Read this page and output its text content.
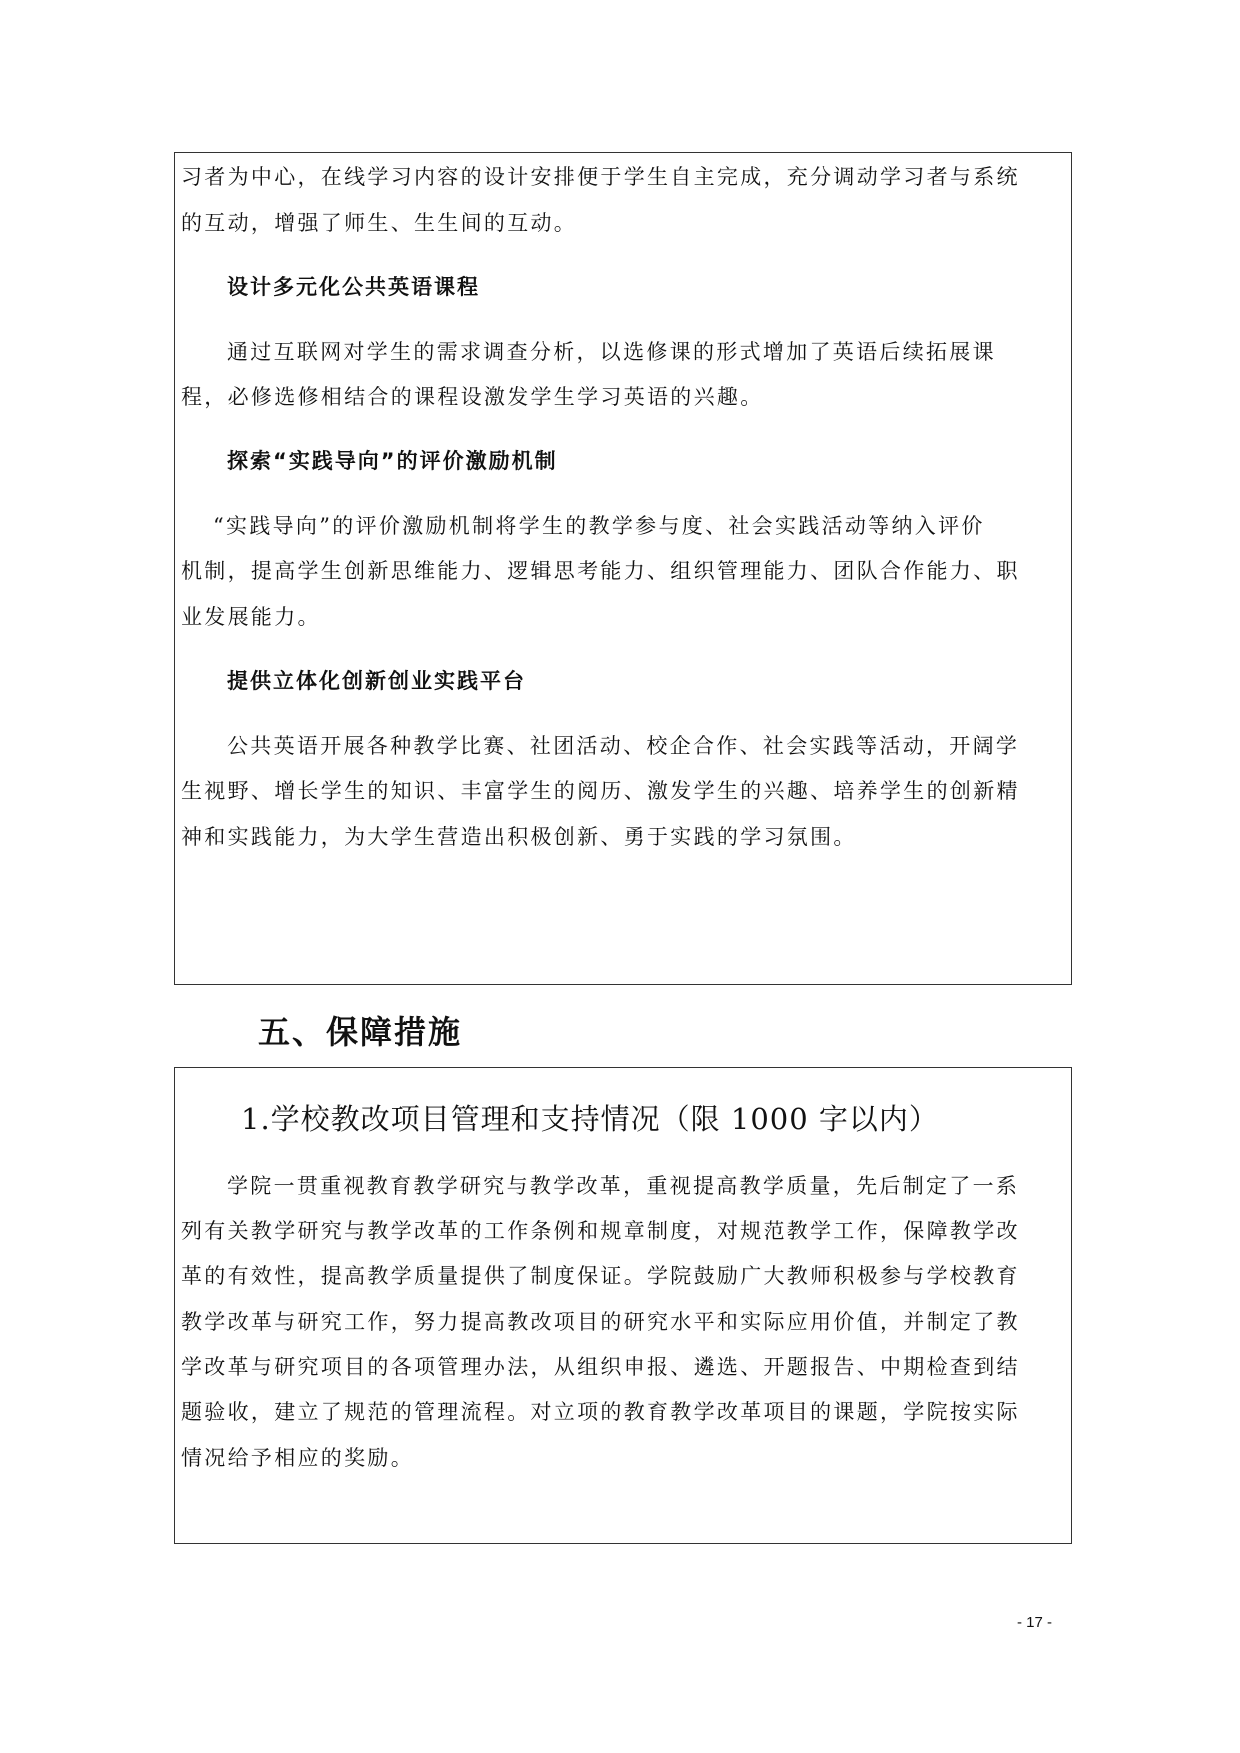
习者为中心，在线学习内容的设计安排便于学生自主完成，充分调动学习者与系统
的互动，增强了师生、生生间的互动。
设计多元化公共英语课程
通过互联网对学生的需求调查分析，以选修课的形式增加了英语后续拓展课
程，必修选修相结合的课程设激发学生学习英语的兴趣。
探索“实践导向”的评价激励机制
“实践导向”的评价激励机制将学生的教学参与度、社会实践活动等纳入评价
机制，提高学生创新思维能力、逻辑思考能力、组织管理能力、团队合作能力、职
业发展能力。
提供立体化创新创业实践平台
公共英语开展各种教学比赛、社团活动、校企合作、社会实践等活动，开阔学
生视野、增长学生的知识、丰富学生的阅历、激发学生的兴趣、培养学生的创新精
神和实践能力，为大学生营造出积极创新、勇于实践的学习氛围。
五、保障措施
1.学校教改项目管理和支持情况（限 1000 字以内）
学院一贯重视教育教学研究与教学改革，重视提高教学质量，先后制定了一系
列有关教学研究与教学改革的工作条例和规章制度，对规范教学工作，保障教学改
革的有效性，提高教学质量提供了制度保证。学院鼓励广大教师积极参与学校教育
教学改革与研究工作，努力提高教改项目的研究水平和实际应用价值，并制定了教
学改革与研究项目的各项管理办法，从组织申报、遴选、开题报告、中期检查到结
题验收，建立了规范的管理流程。对立项的教育教学改革项目的课题，学院按实际
情况给予相应的奖励。
- 17 -
